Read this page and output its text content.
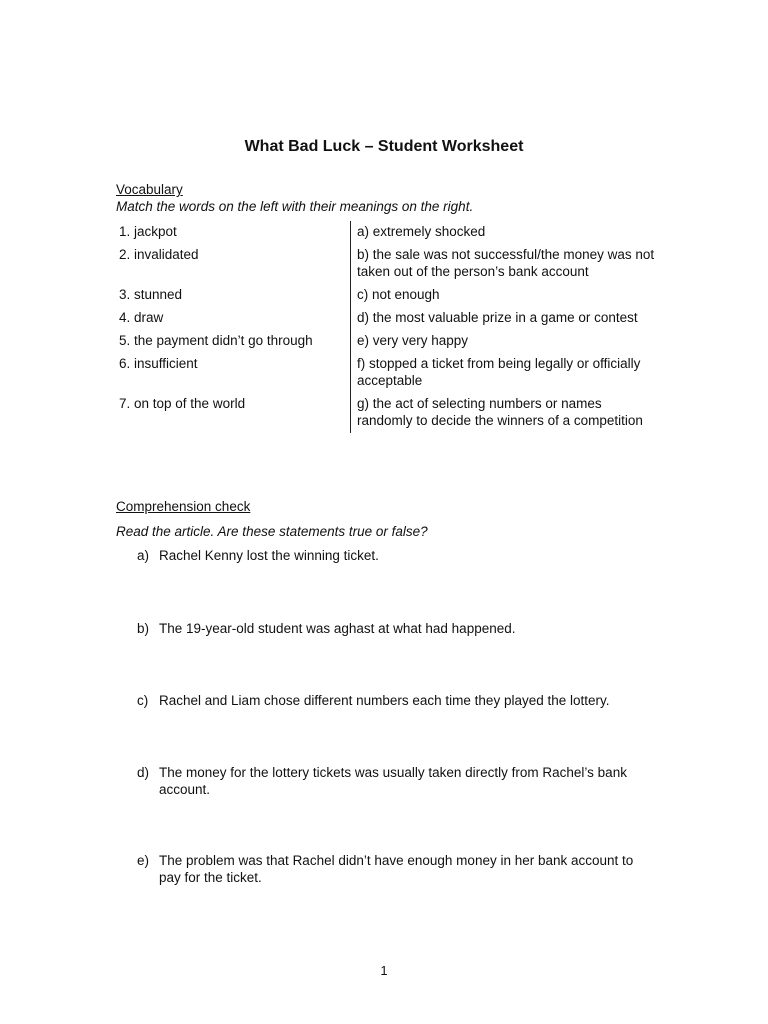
What Bad Luck – Student Worksheet
Vocabulary
Match the words on the left with their meanings on the right.
1. jackpot	a) extremely shocked
2. invalidated	b) the sale was not successful/the money was not taken out of the person’s bank account
3. stunned	c) not enough
4. draw	d) the most valuable prize in a game or contest
5. the payment didn’t go through	e) very very happy
6. insufficient	f) stopped a ticket from being legally or officially acceptable
7. on top of the world	g) the act of selecting numbers or names randomly to decide the winners of a competition
Comprehension check
Read the article. Are these statements true or false?
a) Rachel Kenny lost the winning ticket.
b) The 19-year-old student was aghast at what had happened.
c) Rachel and Liam chose different numbers each time they played the lottery.
d) The money for the lottery tickets was usually taken directly from Rachel’s bank account.
e) The problem was that Rachel didn’t have enough money in her bank account to pay for the ticket.
1
